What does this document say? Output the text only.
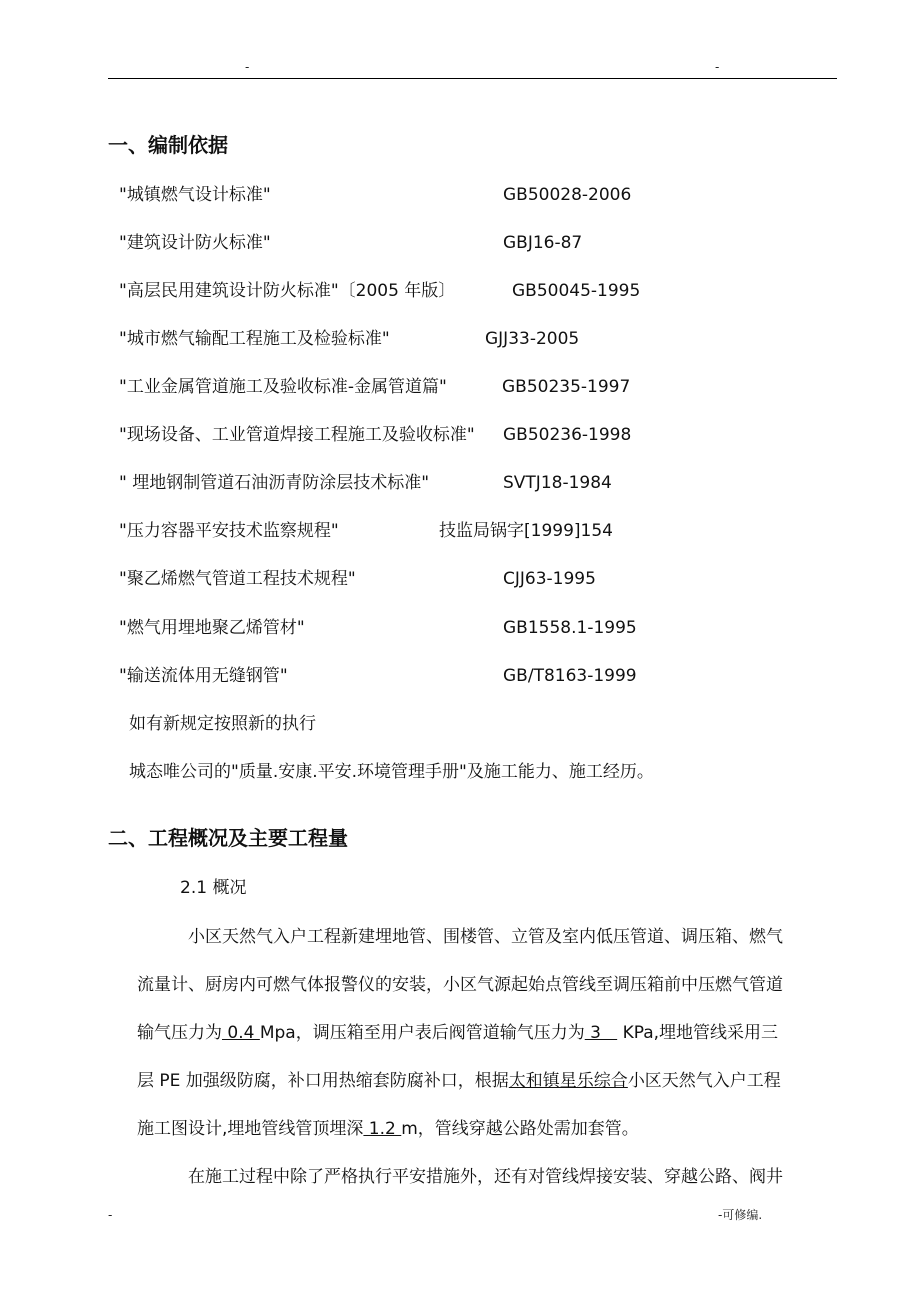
-	-
一、编制依据
"城镇燃气设计标准"	GB50028-2006
"建筑设计防火标准"	GBJ16-87
"高层民用建筑设计防火标准"〔2005 年版〕	GB50045-1995
"城市燃气输配工程施工及检验标准"	GJJ33-2005
"工业金属管道施工及验收标准-金属管道篇"	GB50235-1997
"现场设备、工业管道焊接工程施工及验收标准" GB50236-1998
" 埋地钢制管道石油沥青防涂层技术标准"	SVTJ18-1984
"压力容器平安技术监察规程"	技监局锅字[1999]154
"聚乙烯燃气管道工程技术规程"	CJJ63-1995
"燃气用埋地聚乙烯管材"	GB1558.1-1995
"输送流体用无缝钢管"	GB/T8163-1999
如有新规定按照新的执行
城态唯公司的"质量.安康.平安.环境管理手册"及施工能力、施工经历。
二、工程概况及主要工程量
2.1 概况
小区天然气入户工程新建埋地管、围楼管、立管及室内低压管道、调压箱、燃气
流量计、厨房内可燃气体报警仪的安装，小区气源起始点管线至调压箱前中压燃气管道
输气压力为 0.4 Mpa，调压箱至用户表后阀管道输气压力为 3    KPa,埋地管线采用三
层 PE 加强级防腐，补口用热缩套防腐补口，根据太和镇星乐综合小区天然气入户工程
施工图设计,埋地管线管顶埋深 1.2 m，管线穿越公路处需加套管。
在施工过程中除了严格执行平安措施外，还有对管线焊接安装、穿越公路、阀井
-	-可修编.
